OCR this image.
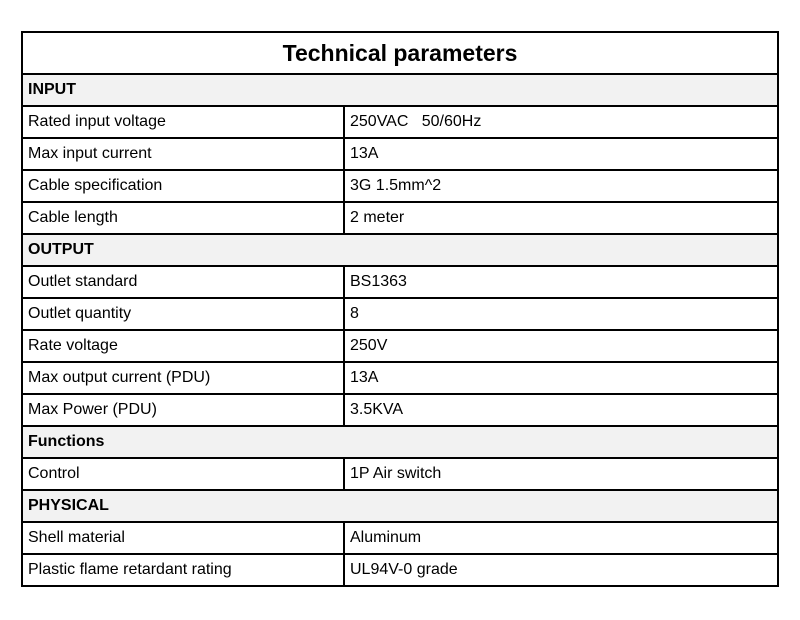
Technical parameters	
INPUT	
Rated input voltage	250VAC   50/60Hz
Max input current	13A
Cable specification	3G 1.5mm^2
Cable length	2 meter
OUTPUT	
Outlet standard	BS1363
Outlet quantity	8
Rate voltage	250V
Max output current (PDU)	13A
Max Power (PDU)	3.5KVA
Functions	
Control	1P Air switch
PHYSICAL	
Shell material	Aluminum
Plastic flame retardant rating	UL94V-0 grade
